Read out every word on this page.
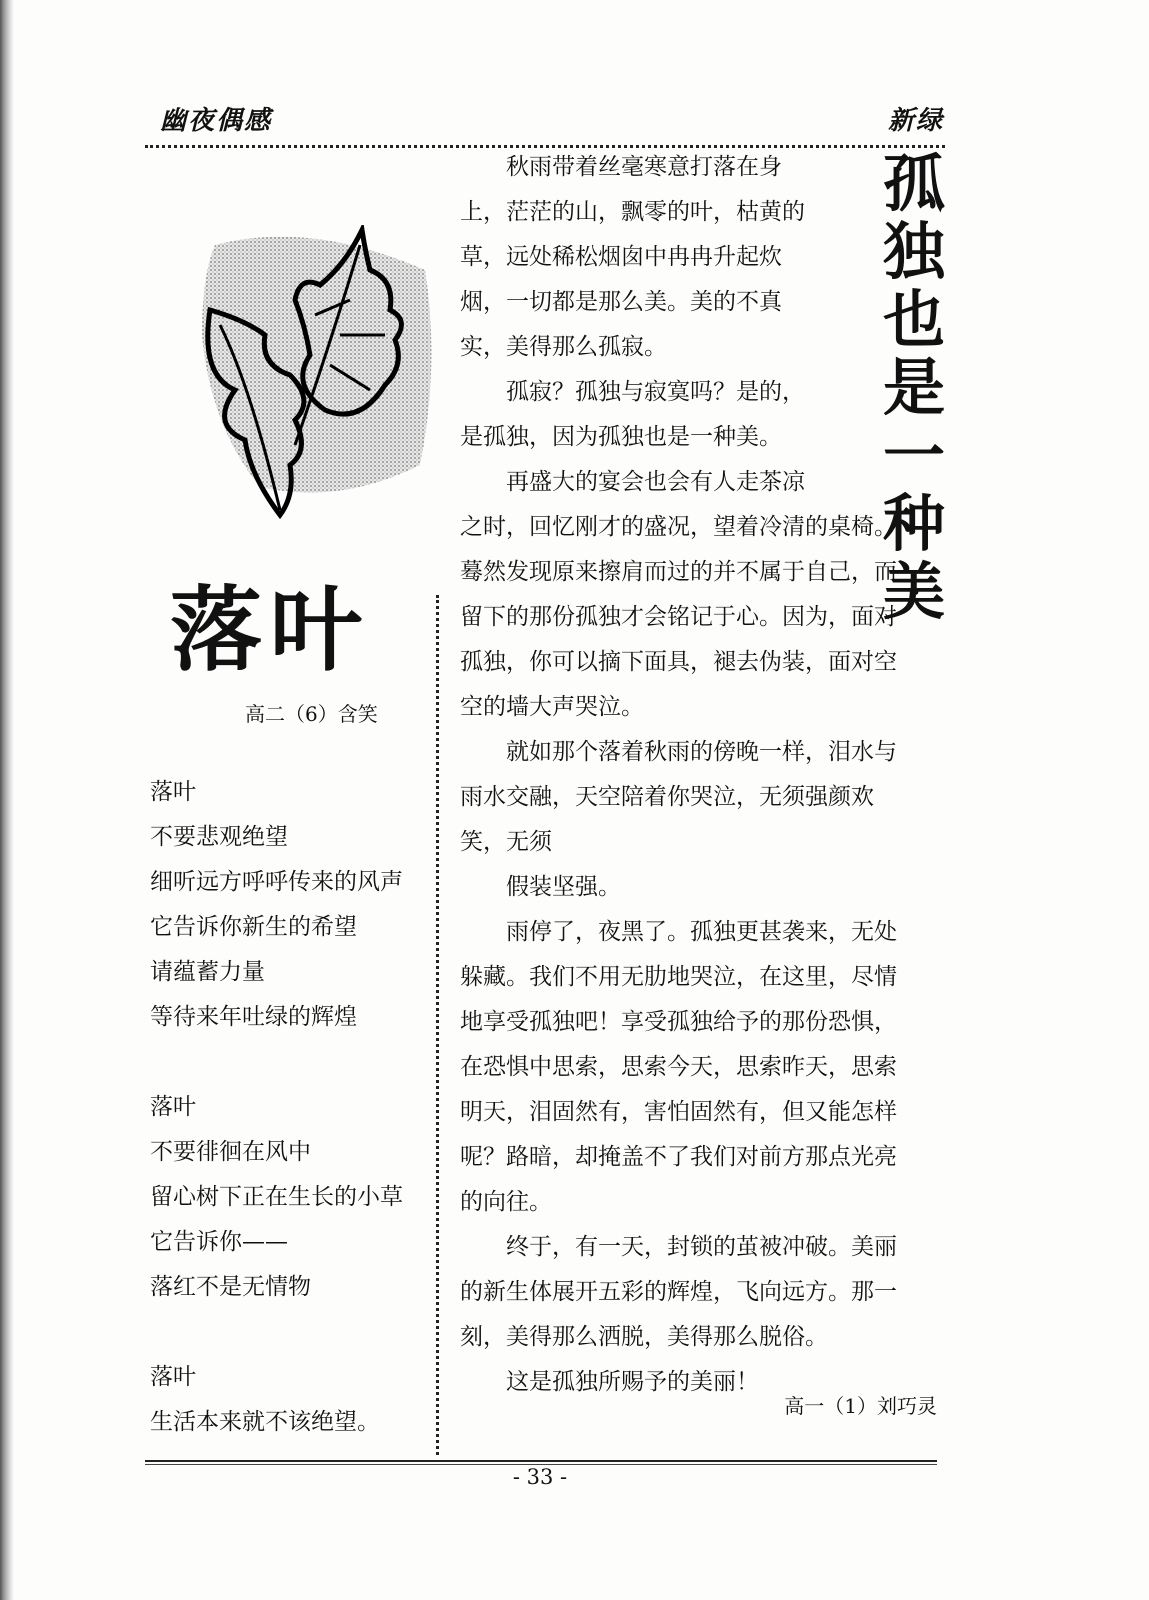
幽夜偶感	新绿
落叶
高二（6）含笑
落叶
不要悲观绝望
细听远方呼呼传来的风声
它告诉你新生的希望
请蕴蓄力量
等待来年吐绿的辉煌
落叶
不要徘徊在风中
留心树下正在生长的小草
它告诉你——
落红不是无情物
落叶
生活本来就不该绝望。
孤
独
也
是
一
种
美
　　秋雨带着丝毫寒意打落在身
上，茫茫的山，飘零的叶，枯黄的
草，远处稀松烟囱中冉冉升起炊
烟，一切都是那么美。美的不真
实，美得那么孤寂。
　　孤寂？孤独与寂寞吗？是的，
是孤独，因为孤独也是一种美。
　　再盛大的宴会也会有人走茶凉
之时，回忆刚才的盛况，望着冷清的桌椅。
蓦然发现原来擦肩而过的并不属于自己，而
留下的那份孤独才会铭记于心。因为，面对
孤独，你可以摘下面具，褪去伪装，面对空
空的墙大声哭泣。
　　就如那个落着秋雨的傍晚一样，泪水与
雨水交融，天空陪着你哭泣，无须强颜欢
笑，无须
　　假装坚强。
　　雨停了，夜黑了。孤独更甚袭来，无处
躲藏。我们不用无肋地哭泣，在这里，尽情
地享受孤独吧！享受孤独给予的那份恐惧，
在恐惧中思索，思索今天，思索昨天，思索
明天，泪固然有，害怕固然有，但又能怎样
呢？路暗，却掩盖不了我们对前方那点光亮
的向往。
　　终于，有一天，封锁的茧被冲破。美丽
的新生体展开五彩的辉煌，飞向远方。那一
刻，美得那么洒脱，美得那么脱俗。
　　这是孤独所赐予的美丽！
高一（1）刘巧灵
- 33 -
